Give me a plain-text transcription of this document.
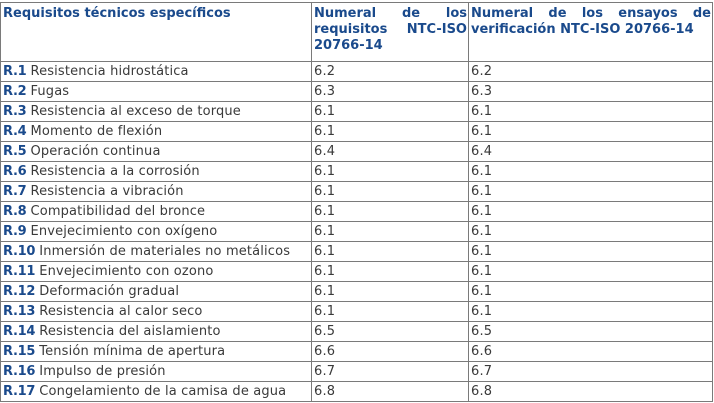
Requisitos técnicos específicos	Numeral de los requisitos NTC-ISO 20766-14	Numeral de los ensayos de verificación NTC-ISO 20766-14
R.1 Resistencia hidrostática	6.2	6.2
R.2 Fugas	6.3	6.3
R.3 Resistencia al exceso de torque	6.1	6.1
R.4 Momento de flexión	6.1	6.1
R.5 Operación continua	6.4	6.4
R.6 Resistencia a la corrosión	6.1	6.1
R.7 Resistencia a vibración	6.1	6.1
R.8 Compatibilidad del bronce	6.1	6.1
R.9 Envejecimiento con oxígeno	6.1	6.1
R.10 Inmersión de materiales no metálicos	6.1	6.1
R.11 Envejecimiento con ozono	6.1	6.1
R.12 Deformación gradual	6.1	6.1
R.13 Resistencia al calor seco	6.1	6.1
R.14 Resistencia del aislamiento	6.5	6.5
R.15 Tensión mínima de apertura	6.6	6.6
R.16 Impulso de presión	6.7	6.7
R.17 Congelamiento de la camisa de agua	6.8	6.8
